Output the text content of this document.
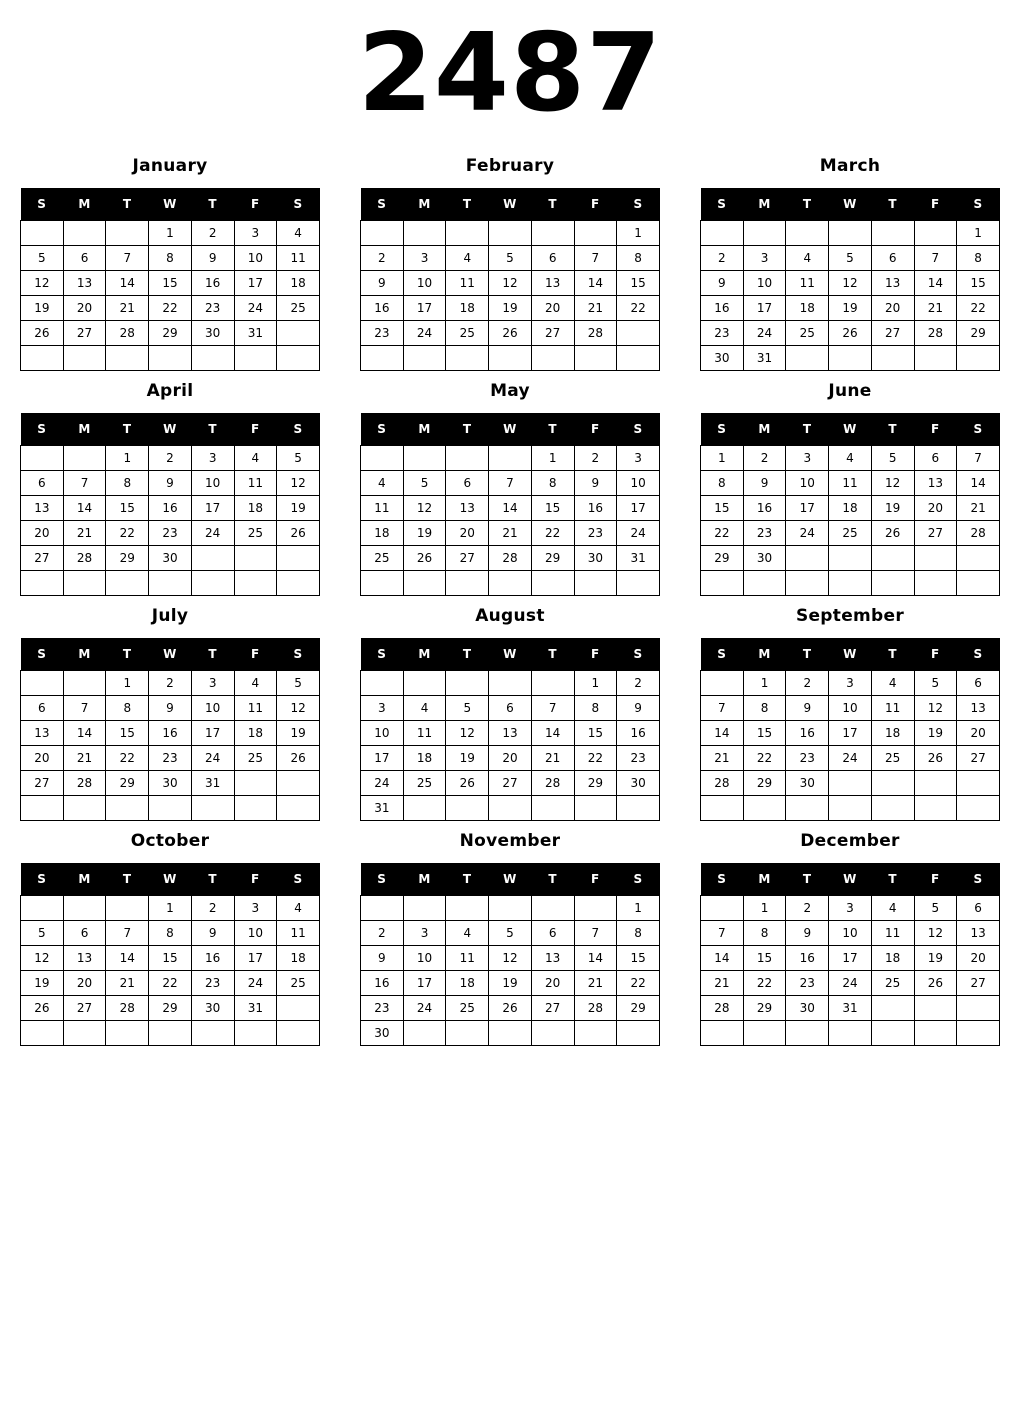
2487
January
S	M	T	W	T	F	S
			1	2	3	4
5	6	7	8	9	10	11
12	13	14	15	16	17	18
19	20	21	22	23	24	25
26	27	28	29	30	31	

February
S	M	T	W	T	F	S
						1
2	3	4	5	6	7	8
9	10	11	12	13	14	15
16	17	18	19	20	21	22
23	24	25	26	27	28	

March
S	M	T	W	T	F	S
						1
2	3	4	5	6	7	8
9	10	11	12	13	14	15
16	17	18	19	20	21	22
23	24	25	26	27	28	29
30	31					
April
S	M	T	W	T	F	S
		1	2	3	4	5
6	7	8	9	10	11	12
13	14	15	16	17	18	19
20	21	22	23	24	25	26
27	28	29	30			

May
S	M	T	W	T	F	S
				1	2	3
4	5	6	7	8	9	10
11	12	13	14	15	16	17
18	19	20	21	22	23	24
25	26	27	28	29	30	31

June
S	M	T	W	T	F	S
1	2	3	4	5	6	7
8	9	10	11	12	13	14
15	16	17	18	19	20	21
22	23	24	25	26	27	28
29	30					

July
S	M	T	W	T	F	S
		1	2	3	4	5
6	7	8	9	10	11	12
13	14	15	16	17	18	19
20	21	22	23	24	25	26
27	28	29	30	31		

August
S	M	T	W	T	F	S
					1	2
3	4	5	6	7	8	9
10	11	12	13	14	15	16
17	18	19	20	21	22	23
24	25	26	27	28	29	30
31						
September
S	M	T	W	T	F	S
	1	2	3	4	5	6
7	8	9	10	11	12	13
14	15	16	17	18	19	20
21	22	23	24	25	26	27
28	29	30				

October
S	M	T	W	T	F	S
			1	2	3	4
5	6	7	8	9	10	11
12	13	14	15	16	17	18
19	20	21	22	23	24	25
26	27	28	29	30	31	

November
S	M	T	W	T	F	S
						1
2	3	4	5	6	7	8
9	10	11	12	13	14	15
16	17	18	19	20	21	22
23	24	25	26	27	28	29
30						
December
S	M	T	W	T	F	S
	1	2	3	4	5	6
7	8	9	10	11	12	13
14	15	16	17	18	19	20
21	22	23	24	25	26	27
28	29	30	31			
